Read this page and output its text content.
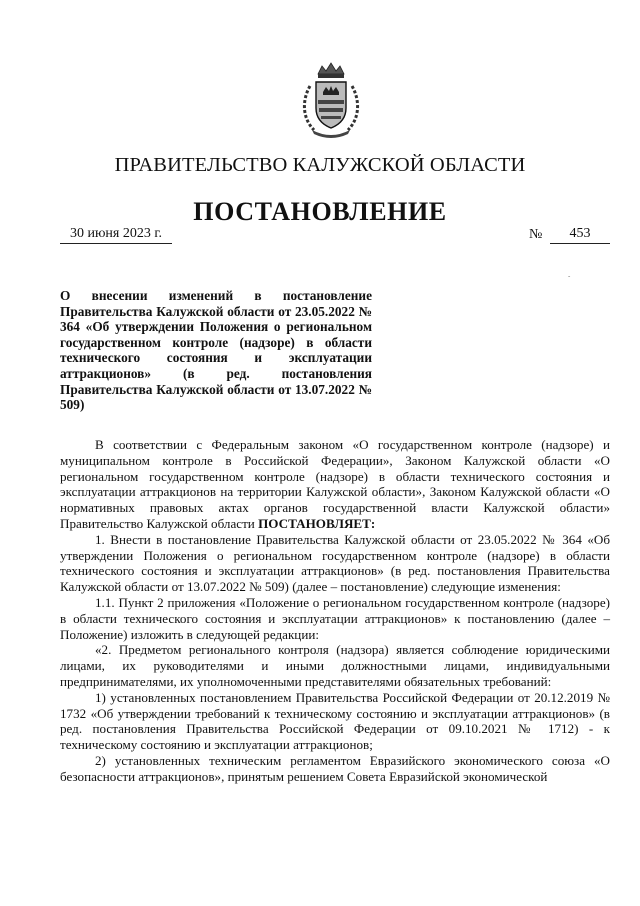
ПРАВИТЕЛЬСТВО КАЛУЖСКОЙ ОБЛАСТИ
ПОСТАНОВЛЕНИЕ
30 июня 2023 г.	№	453
-
О внесении изменений в постановление Правительства Калужской области от 23.05.2022 № 364 «Об утверждении Положения о региональном государственном контроле (надзоре) в области технического состояния и эксплуатации аттракционов» (в ред. постановления Правительства Калужской области от 13.07.2022 № 509)

В соответствии с Федеральным законом «О государственном контроле (надзоре) и муниципальном контроле в Российской Федерации», Законом Калужской области «О региональном государственном контроле (надзоре) в области технического состояния и эксплуатации аттракционов на территории Калужской области», Законом Калужской области «О нормативных правовых актах органов государственной власти Калужской области» Правительство Калужской области ПОСТАНОВЛЯЕТ:

1. Внести в постановление Правительства Калужской области от 23.05.2022 № 364 «Об утверждении Положения о региональном государственном контроле (надзоре) в области технического состояния и эксплуатации аттракционов» (в ред. постановления Правительства Калужской области от 13.07.2022 № 509) (далее – постановление) следующие изменения:

1.1. Пункт 2 приложения «Положение о региональном государственном контроле (надзоре) в области технического состояния и эксплуатации аттракционов» к постановлению (далее – Положение) изложить в следующей редакции:

«2. Предметом регионального контроля (надзора) является соблюдение юридическими лицами, их руководителями и иными должностными лицами, индивидуальными предпринимателями, их уполномоченными представителями обязательных требований:

1) установленных постановлением Правительства Российской Федерации от 20.12.2019 № 1732 «Об утверждении требований к техническому состоянию и эксплуатации аттракционов» (в ред. постановления Правительства Российской Федерации от 09.10.2021 № 1712) - к техническому состоянию и эксплуатации аттракционов;

2) установленных техническим регламентом Евразийского экономического союза «О безопасности аттракционов», принятым решением Совета Евразийской экономической
